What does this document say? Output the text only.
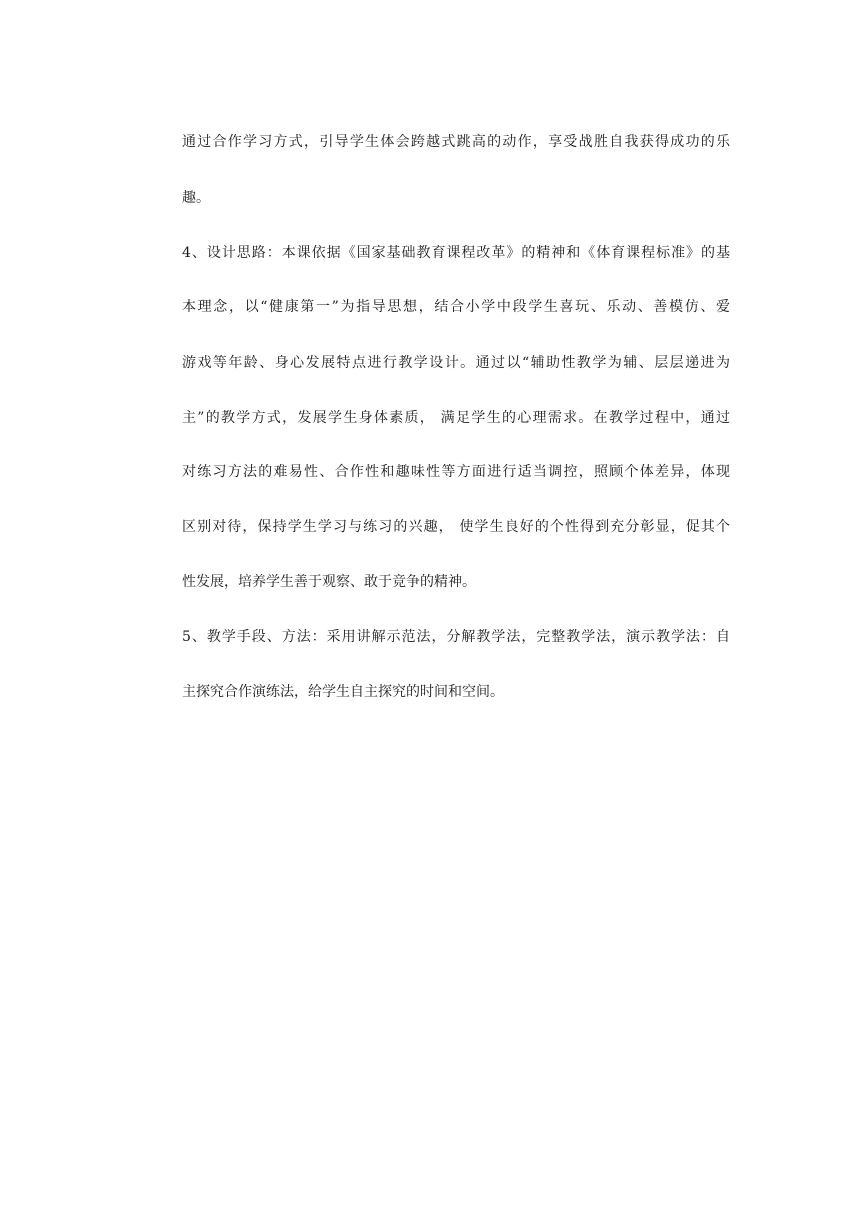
通过合作学习方式，引导学生体会跨越式跳高的动作，享受战胜自我获得成功的乐
趣。
4、设计思路：本课依据《国家基础教育课程改革》的精神和《体育课程标准》的基
本理念，以“健康第一”为指导思想，结合小学中段学生喜玩、乐动、善模仿、爱
游戏等年龄、身心发展特点进行教学设计。通过以“辅助性教学为辅、层层递进为
主”的教学方式，发展学生身体素质， 满足学生的心理需求。在教学过程中，通过
对练习方法的难易性、合作性和趣味性等方面进行适当调控，照顾个体差异，体现
区别对待，保持学生学习与练习的兴趣， 使学生良好的个性得到充分彰显，促其个
性发展，培养学生善于观察、敢于竞争的精神。
5、教学手段、方法：采用讲解示范法，分解教学法，完整教学法，演示教学法：自
主探究合作演练法，给学生自主探究的时间和空间。
